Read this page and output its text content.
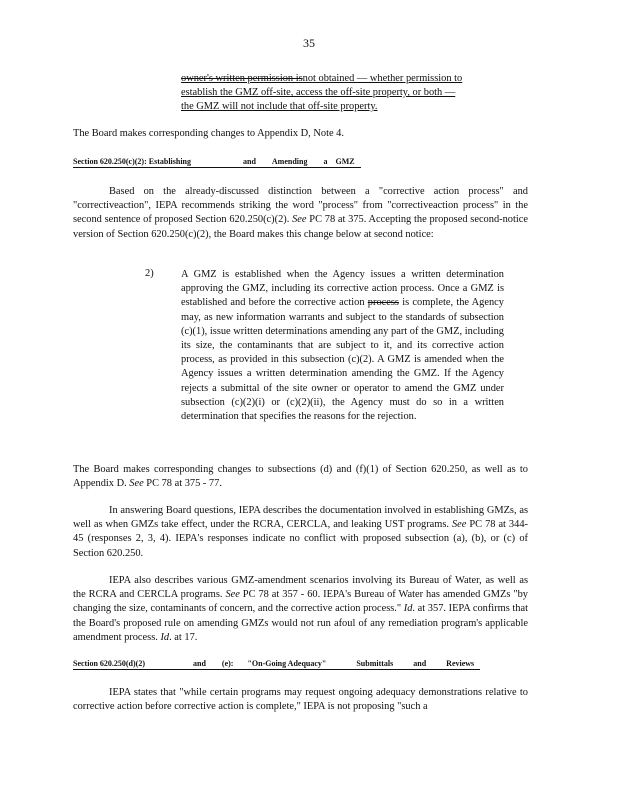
35
owner's written permission isnot obtained — whether permission to
establish the GMZ off-site, access the off-site property, or both —
the GMZ will not include that off-site property.

The Board makes corresponding changes to Appendix D, Note 4.

Section 620.250(c)(2): Establishing	and Amending a GMZ

Based on the already-discussed distinction between a "corrective action process" and "correctiveaction", IEPA recommends striking the word "process" from "correctiveaction process" in the second sentence of proposed Section 620.250(c)(2). See PC 78 at 375. Accepting the proposed second-notice version of Section 620.250(c)(2), the Board makes this change below at second notice:

2)	A GMZ is established when the Agency issues a written determination approving the GMZ, including its corrective action process. Once a GMZ is established and before the corrective action process is complete, the Agency may, as new information warrants and subject to the standards of subsection (c)(1), issue written determinations amending any part of the GMZ, including its size, the contaminants that are subject to it, and its corrective action process, as provided in this subsection (c)(2). A GMZ is amended when the Agency issues a written determination amending the GMZ. If the Agency rejects a submittal of the site owner or operator to amend the GMZ under subsection (c)(2)(i) or (c)(2)(ii), the Agency must do so in a written determination that specifies the reasons for the rejection.

The Board makes corresponding changes to subsections (d) and (f)(1) of Section 620.250, as well as to Appendix D. See PC 78 at 375 - 77.

In answering Board questions, IEPA describes the documentation involved in establishing GMZs, as well as when GMZs take effect, under the RCRA, CERCLA, and leaking UST programs. See PC 78 at 344-45 (responses 2, 3, 4). IEPA's responses indicate no conflict with proposed subsection (a), (b), or (c) of Section 620.250.

IEPA also describes various GMZ-amendment scenarios involving its Bureau of Water, as well as the RCRA and CERCLA programs. See PC 78 at 357 - 60. IEPA's Bureau of Water has amended GMZs "by changing the size, contaminants of concern, and the corrective action process." Id. at 357. IEPA confirms that the Board's proposed rule on amending GMZs would not run afoul of any remediation program's applicable amendment process. Id. at 17.

Section 620.250(d)(2)	and (e): "On-Going Adequacy"	Submittals	and	Reviews

IEPA states that "while certain programs may request ongoing adequacy demonstrations relative to corrective action before corrective action is complete," IEPA is not proposing "such a
